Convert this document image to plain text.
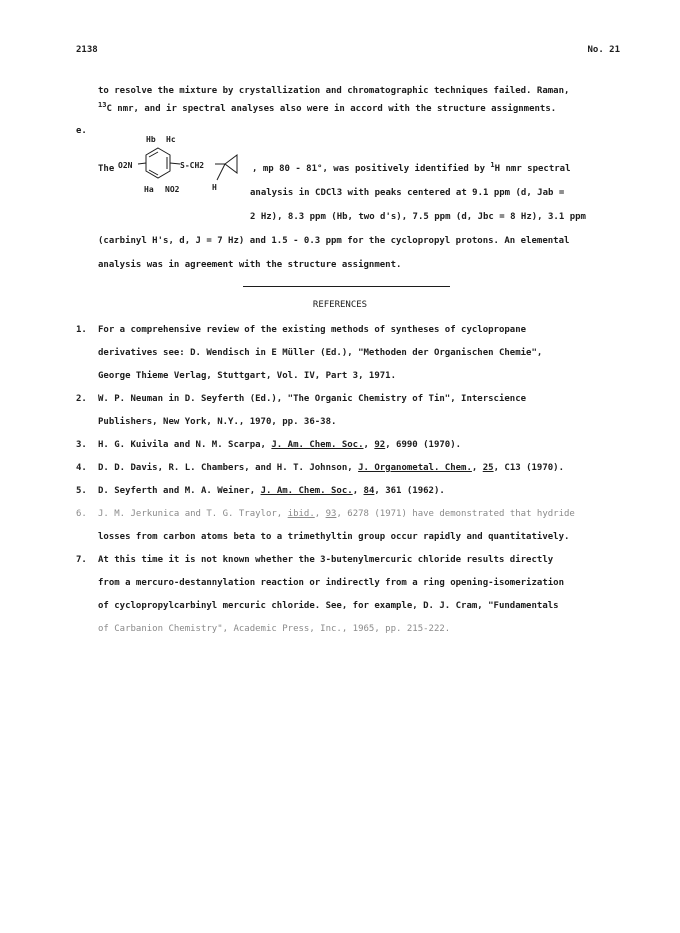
2138	No. 21
to resolve the mixture by crystallization and chromatographic techniques failed. Raman,
$^{13}$C nmr, and ir spectral analyses also were in accord with the structure assignments.
e.
The O2N
Hb Hc
Ha NO2
S-CH2
H
, mp 80 - 81°, was positively identified by $^1$H nmr spectral
analysis in CDCl3 with peaks centered at 9.1 ppm (d, Jab =
2 Hz), 8.3 ppm (Hb, two d's), 7.5 ppm (d, Jbc = 8 Hz), 3.1 ppm
(carbinyl H's, d, J = 7 Hz) and 1.5 - 0.3 ppm for the cyclopropyl protons. An elemental
analysis was in agreement with the structure assignment.
REFERENCES
1. For a comprehensive review of the existing methods of syntheses of cyclopropane
derivatives see: D. Wendisch in E Müller (Ed.), "Methoden der Organischen Chemie",
George Thieme Verlag, Stuttgart, Vol. IV, Part 3, 1971.
2. W. P. Neuman in D. Seyferth (Ed.), "The Organic Chemistry of Tin", Interscience
Publishers, New York, N.Y., 1970, pp. 36-38.
3. H. G. Kuivila and N. M. Scarpa, J. Am. Chem. Soc., 92, 6990 (1970).
4. D. D. Davis, R. L. Chambers, and H. T. Johnson, J. Organometal. Chem., 25, C13 (1970).
5. D. Seyferth and M. A. Weiner, J. Am. Chem. Soc., 84, 361 (1962).
6. J. M. Jerkunica and T. G. Traylor, ibid., 93, 6278 (1971) have demonstrated that hydride
losses from carbon atoms beta to a trimethyltin group occur rapidly and quantitatively.
7. At this time it is not known whether the 3-butenylmercuric chloride results directly
from a mercuro-destannylation reaction or indirectly from a ring opening-isomerization
of cyclopropylcarbinyl mercuric chloride. See, for example, D. J. Cram, "Fundamentals
of Carbanion Chemistry", Academic Press, Inc., 1965, pp. 215-222.
